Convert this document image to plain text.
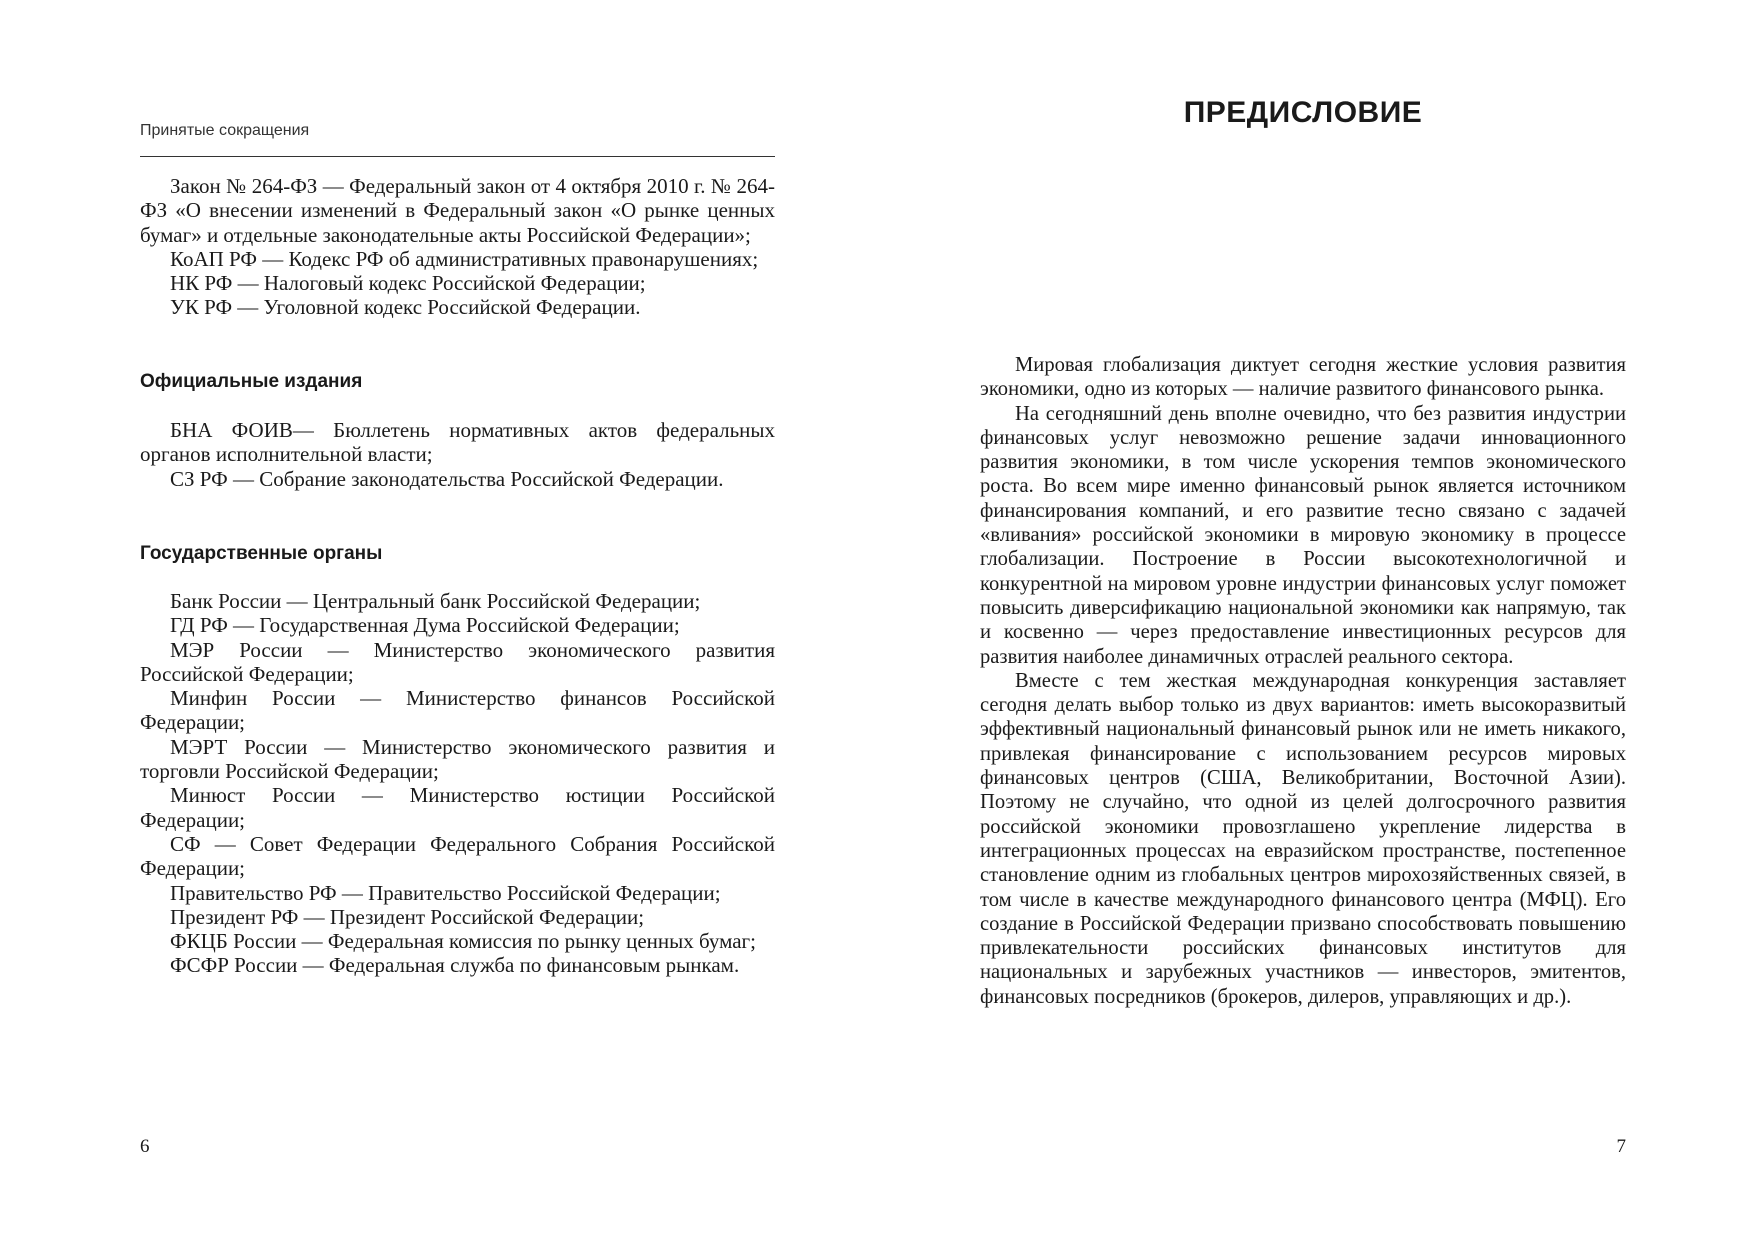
Принятые сокращения

Закон № 264-ФЗ — Федеральный закон от 4 октября 2010 г. № 264-ФЗ «О внесении изменений в Федеральный закон «О рынке ценных бумаг» и отдельные законодательные акты Российской Федерации»;

КоАП РФ — Кодекс РФ об административных правонарушениях;

НК РФ — Налоговый кодекс Российской Федерации;

УК РФ — Уголовной кодекс Российской Федерации.

Официальные издания

БНА ФОИВ— Бюллетень нормативных актов федеральных органов исполнительной власти;

СЗ РФ — Собрание законодательства Российской Федерации.

Государственные органы

Банк России — Центральный банк Российской Федерации;

ГД РФ — Государственная Дума Российской Федерации;

МЭР России — Министерство экономического развития Российской Федерации;

Минфин России — Министерство финансов Российской Федерации;

МЭРТ России — Министерство экономического развития и торговли Российской Федерации;

Минюст России — Министерство юстиции Российской Федерации;

СФ — Совет Федерации Федерального Собрания Российской Федерации;

Правительство РФ — Правительство Российской Федерации;

Президент РФ — Президент Российской Федерации;

ФКЦБ России — Федеральная комиссия по рынку ценных бумаг;

ФСФР России — Федеральная служба по финансовым рынкам.

6
ПРЕДИСЛОВИЕ

Мировая глобализация диктует сегодня жесткие условия развития экономики, одно из которых — наличие развитого финансового рынка.

На сегодняшний день вполне очевидно, что без развития индустрии финансовых услуг невозможно решение задачи инновационного развития экономики, в том числе ускорения темпов экономического роста. Во всем мире именно финансовый рынок является источником финансирования компаний, и его развитие тесно связано с задачей «вливания» российской экономики в мировую экономику в процессе глобализации. Построение в России высокотехнологичной и конкурентной на мировом уровне индустрии финансовых услуг поможет повысить диверсификацию национальной экономики как напрямую, так и косвенно — через предоставление инвестиционных ресурсов для развития наиболее динамичных отраслей реального сектора.

Вместе с тем жесткая международная конкуренция заставляет сегодня делать выбор только из двух вариантов: иметь высокоразвитый эффективный национальный финансовый рынок или не иметь никакого, привлекая финансирование с использованием ресурсов мировых финансовых центров (США, Великобритании, Восточной Азии). Поэтому не случайно, что одной из целей долгосрочного развития российской экономики провозглашено укрепление лидерства в интеграционных процессах на евразийском пространстве, постепенное становление одним из глобальных центров мирохозяйственных связей, в том числе в качестве международного финансового центра (МФЦ). Его создание в Российской Федерации призвано способствовать повышению привлекательности российских финансовых институтов для национальных и зарубежных участников — инвесторов, эмитентов, финансовых посредников (брокеров, дилеров, управляющих и др.).

7
